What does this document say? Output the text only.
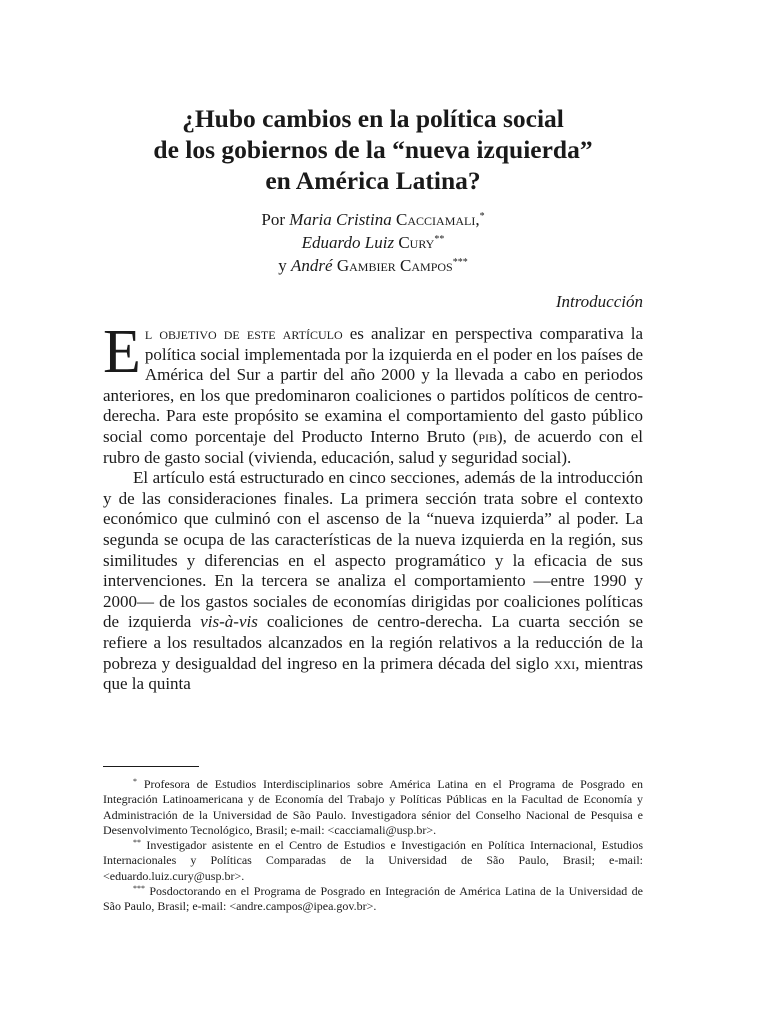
¿Hubo cambios en la política social
de los gobiernos de la “nueva izquierda”
en América Latina?
Por Maria Cristina Cacciamali,*
Eduardo Luiz Cury**
y André Gambier Campos***
Introducción

El objetivo de este artículo es analizar en perspectiva comparativa la política social implementada por la izquierda en el poder en los países de América del Sur a partir del año 2000 y la llevada a cabo en periodos anteriores, en los que predominaron coaliciones o partidos políticos de centro-derecha. Para este propósito se examina el comportamiento del gasto público social como porcentaje del Producto Interno Bruto (pib), de acuerdo con el rubro de gasto social (vivienda, educación, salud y seguridad social).

El artículo está estructurado en cinco secciones, además de la introducción y de las consideraciones finales. La primera sección trata sobre el contexto económico que culminó con el ascenso de la “nueva izquierda” al poder. La segunda se ocupa de las características de la nueva izquierda en la región, sus similitudes y diferencias en el aspecto programático y la eficacia de sus intervenciones. En la tercera se analiza el comportamiento —entre 1990 y 2000— de los gastos sociales de economías dirigidas por coaliciones políticas de izquierda vis-à-vis coaliciones de centro-derecha. La cuarta sección se refiere a los resultados alcanzados en la región relativos a la reducción de la pobreza y desigualdad del ingreso en la primera década del siglo xxi, mientras que la quinta

* Profesora de Estudios Interdisciplinarios sobre América Latina en el Programa de Posgrado en Integración Latinoamericana y de Economía del Trabajo y Políticas Públicas en la Facultad de Economía y Administración de la Universidad de São Paulo. Investigadora sénior del Conselho Nacional de Pesquisa e Desenvolvimento Tecnológico, Brasil; e-mail: <cacciamali@usp.br>.

** Investigador asistente en el Centro de Estudios e Investigación en Política Internacional, Estudios Internacionales y Políticas Comparadas de la Universidad de São Paulo, Brasil; e-mail: <eduardo.luiz.cury@usp.br>.

*** Posdoctorando en el Programa de Posgrado en Integración de América Latina de la Universidad de São Paulo, Brasil; e-mail: <andre.campos@ipea.gov.br>.
